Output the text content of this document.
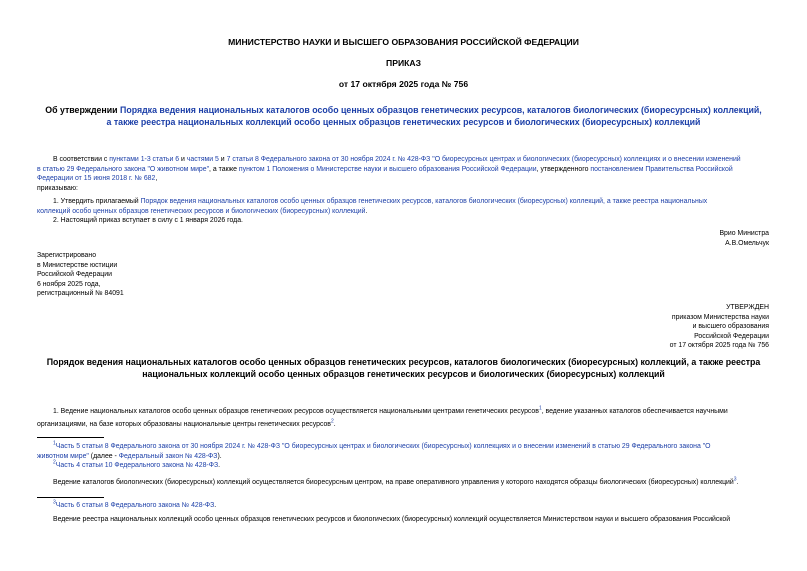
МИНИСТЕРСТВО НАУКИ И ВЫСШЕГО ОБРАЗОВАНИЯ РОССИЙСКОЙ ФЕДЕРАЦИИ
ПРИКАЗ
от 17 октября 2025 года № 756
Об утверждении Порядка ведения национальных каталогов особо ценных образцов генетических ресурсов, каталогов биологических (биоресурсных) коллекций,
а также реестра национальных коллекций особо ценных образцов генетических ресурсов и биологических (биоресурсных) коллекций
В соответствии с пунктами 1-3 статьи 6 и частями 5 и 7 статьи 8 Федерального закона от 30 ноября 2024 г. № 428-ФЗ "О биоресурсных центрах и биологических (биоресурсных) коллекциях и о внесении изменений
в статью 29 Федерального закона "О животном мире", а также пунктом 1 Положения о Министерстве науки и высшего образования Российской Федерации, утвержденного постановлением Правительства Российской
Федерации от 15 июня 2018 г. № 682,
приказываю:
1. Утвердить прилагаемый Порядок ведения национальных каталогов особо ценных образцов генетических ресурсов, каталогов биологических (биоресурсных) коллекций, а также реестра национальных
коллекций особо ценных образцов генетических ресурсов и биологических (биоресурсных) коллекций.
2. Настоящий приказ вступает в силу с 1 января 2026 года.
Врио Министра
А.В.Омельчук
Зарегистрировано
в Министерстве юстиции
Российской Федерации
6 ноября 2025 года,
регистрационный № 84091
УТВЕРЖДЕН
приказом Министерства науки
и высшего образования
Российской Федерации
от 17 октября 2025 года № 756
Порядок ведения национальных каталогов особо ценных образцов генетических ресурсов, каталогов биологических (биоресурсных) коллекций, а также реестра
национальных коллекций особо ценных образцов генетических ресурсов и биологических (биоресурсных) коллекций
1. Ведение национальных каталогов особо ценных образцов генетических ресурсов осуществляется национальными центрами генетических ресурсов$^1$, ведение указанных каталогов обеспечивается научными
организациями, на базе которых образованы национальные центры генетических ресурсов$^2$.
$^1$Часть 5 статьи 8 Федерального закона от 30 ноября 2024 г. № 428-ФЗ "О биоресурсных центрах и биологических (биоресурсных) коллекциях и о внесении изменений в статью 29 Федерального закона "О
животном мире" (далее - Федеральный закон № 428-ФЗ).
$^2$Часть 4 статьи 10 Федерального закона № 428-ФЗ.
Ведение каталогов биологических (биоресурсных) коллекций осуществляется биоресурсным центром, на праве оперативного управления у которого находятся образцы биологических (биоресурсных) коллекций$^3$.
$^3$Часть 6 статьи 8 Федерального закона № 428-ФЗ.
Ведение реестра национальных коллекций особо ценных образцов генетических ресурсов и биологических (биоресурсных) коллекций осуществляется Министерством науки и высшего образования Российской
